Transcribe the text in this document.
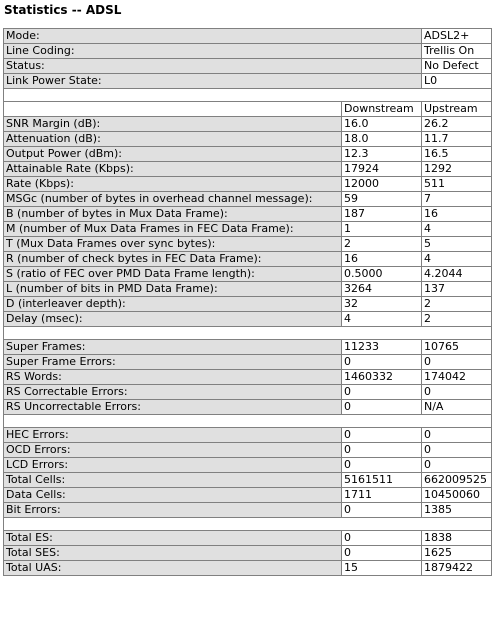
Statistics -- ADSL
Mode:		ADSL2+
Line Coding:		Trellis On
Status:		No Defect
Link Power State:		L0

	Downstream	Upstream
SNR Margin (dB):	16.0	26.2
Attenuation (dB):	18.0	11.7
Output Power (dBm):	12.3	16.5
Attainable Rate (Kbps):	17924	1292
Rate (Kbps):	12000	511
MSGc (number of bytes in overhead channel message):	59	7
B (number of bytes in Mux Data Frame):	187	16
M (number of Mux Data Frames in FEC Data Frame):	1	4
T (Mux Data Frames over sync bytes):	2	5
R (number of check bytes in FEC Data Frame):	16	4
S (ratio of FEC over PMD Data Frame length):	0.5000	4.2044
L (number of bits in PMD Data Frame):	3264	137
D (interleaver depth):	32	2
Delay (msec):	4	2

Super Frames:	11233	10765
Super Frame Errors:	0	0
RS Words:	1460332	174042
RS Correctable Errors:	0	0
RS Uncorrectable Errors:	0	N/A

HEC Errors:	0	0
OCD Errors:	0	0
LCD Errors:	0	0
Total Cells:	5161511	662009525
Data Cells:	1711	10450060
Bit Errors:	0	1385

Total ES:	0	1838
Total SES:	0	1625
Total UAS:	15	1879422
